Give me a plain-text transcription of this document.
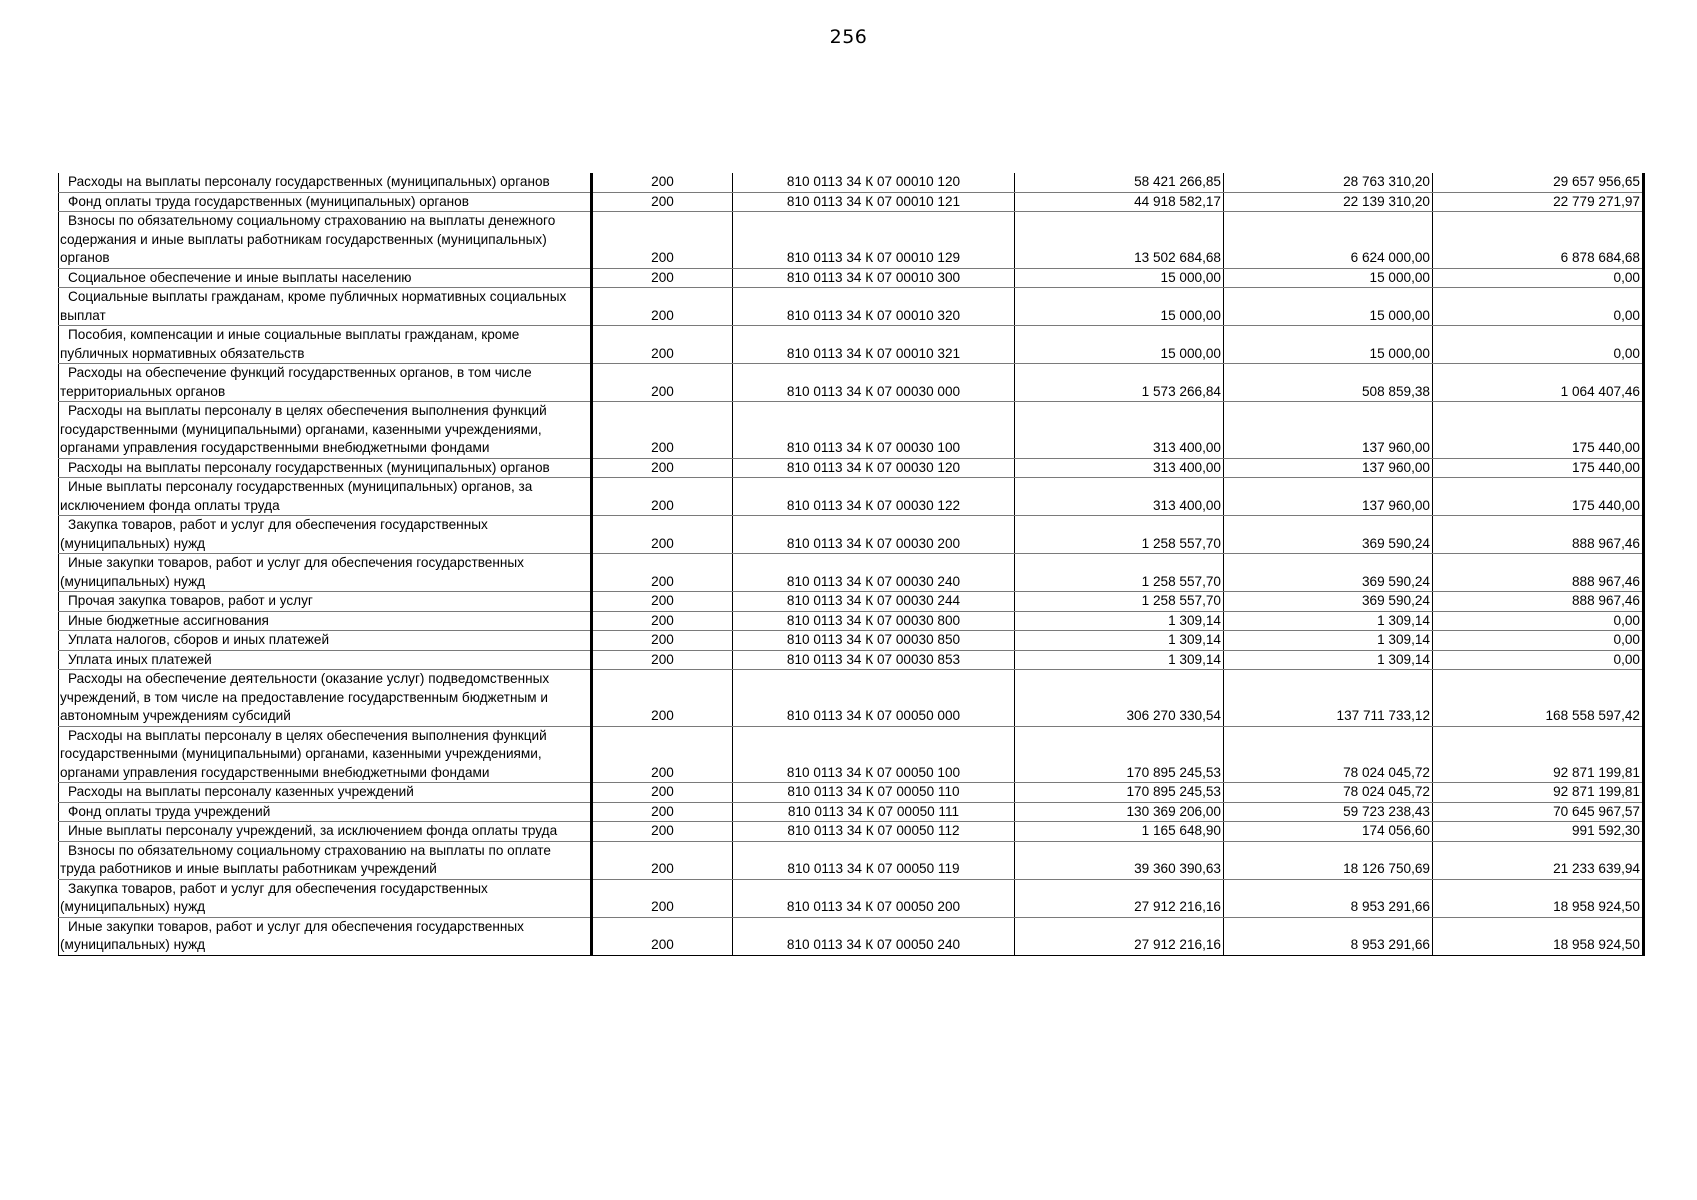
256
Расходы на выплаты персоналу государственных (муниципальных) органов	200	810 0113 34 К 07 00010 120	58 421 266,85	28 763 310,20	29 657 956,65
Фонд оплаты труда государственных (муниципальных) органов	200	810 0113 34 К 07 00010 121	44 918 582,17	22 139 310,20	22 779 271,97
Взносы по обязательному социальному страхованию на выплаты денежного содержания и иные выплаты работникам государственных (муниципальных) органов	200	810 0113 34 К 07 00010 129	13 502 684,68	6 624 000,00	6 878 684,68
Социальное обеспечение и иные выплаты населению	200	810 0113 34 К 07 00010 300	15 000,00	15 000,00	0,00
Социальные выплаты гражданам, кроме публичных нормативных социальных выплат	200	810 0113 34 К 07 00010 320	15 000,00	15 000,00	0,00
Пособия, компенсации и иные социальные выплаты гражданам, кроме публичных нормативных обязательств	200	810 0113 34 К 07 00010 321	15 000,00	15 000,00	0,00
Расходы на обеспечение функций государственных органов, в том числе территориальных органов	200	810 0113 34 К 07 00030 000	1 573 266,84	508 859,38	1 064 407,46
Расходы на выплаты персоналу в целях обеспечения выполнения функций государственными (муниципальными) органами, казенными учреждениями, органами управления государственными внебюджетными фондами	200	810 0113 34 К 07 00030 100	313 400,00	137 960,00	175 440,00
Расходы на выплаты персоналу государственных (муниципальных) органов	200	810 0113 34 К 07 00030 120	313 400,00	137 960,00	175 440,00
Иные выплаты персоналу государственных (муниципальных) органов, за исключением фонда оплаты труда	200	810 0113 34 К 07 00030 122	313 400,00	137 960,00	175 440,00
Закупка товаров, работ и услуг для обеспечения государственных (муниципальных) нужд	200	810 0113 34 К 07 00030 200	1 258 557,70	369 590,24	888 967,46
Иные закупки товаров, работ и услуг для обеспечения государственных (муниципальных) нужд	200	810 0113 34 К 07 00030 240	1 258 557,70	369 590,24	888 967,46
Прочая закупка товаров, работ и услуг	200	810 0113 34 К 07 00030 244	1 258 557,70	369 590,24	888 967,46
Иные бюджетные ассигнования	200	810 0113 34 К 07 00030 800	1 309,14	1 309,14	0,00
Уплата налогов, сборов и иных платежей	200	810 0113 34 К 07 00030 850	1 309,14	1 309,14	0,00
Уплата иных платежей	200	810 0113 34 К 07 00030 853	1 309,14	1 309,14	0,00
Расходы на обеспечение деятельности (оказание услуг) подведомственных учреждений, в том числе на предоставление государственным бюджетным и автономным учреждениям субсидий	200	810 0113 34 К 07 00050 000	306 270 330,54	137 711 733,12	168 558 597,42
Расходы на выплаты персоналу в целях обеспечения выполнения функций государственными (муниципальными) органами, казенными учреждениями, органами управления государственными внебюджетными фондами	200	810 0113 34 К 07 00050 100	170 895 245,53	78 024 045,72	92 871 199,81
Расходы на выплаты персоналу казенных учреждений	200	810 0113 34 К 07 00050 110	170 895 245,53	78 024 045,72	92 871 199,81
Фонд оплаты труда учреждений	200	810 0113 34 К 07 00050 111	130 369 206,00	59 723 238,43	70 645 967,57
Иные выплаты персоналу учреждений, за исключением фонда оплаты труда	200	810 0113 34 К 07 00050 112	1 165 648,90	174 056,60	991 592,30
Взносы по обязательному социальному страхованию на выплаты по оплате труда работников и иные выплаты работникам учреждений	200	810 0113 34 К 07 00050 119	39 360 390,63	18 126 750,69	21 233 639,94
Закупка товаров, работ и услуг для обеспечения государственных (муниципальных) нужд	200	810 0113 34 К 07 00050 200	27 912 216,16	8 953 291,66	18 958 924,50
Иные закупки товаров, работ и услуг для обеспечения государственных (муниципальных) нужд	200	810 0113 34 К 07 00050 240	27 912 216,16	8 953 291,66	18 958 924,50
